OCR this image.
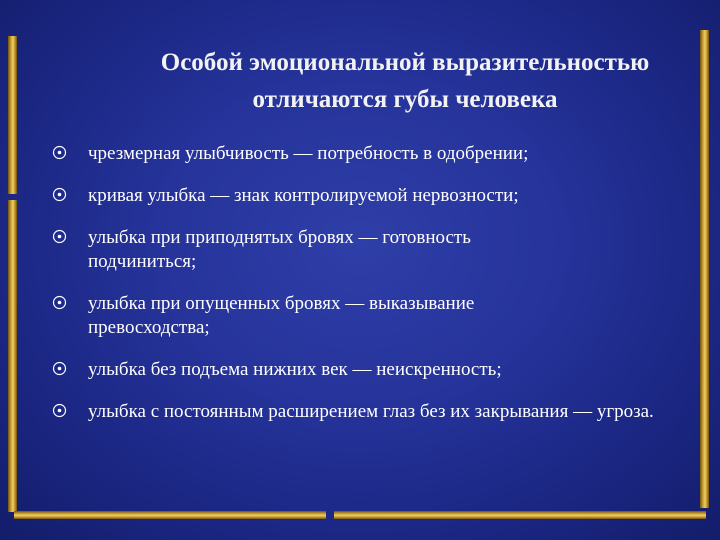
Особой эмоциональной выразительностью
отличаются губы человека
чрезмерная улыбчивость — потребность в одобрении;
кривая улыбка — знак контролируемой нервозности;
улыбка при приподнятых бровях — готовность подчиниться;
улыбка при опущенных бровях — выказывание превосходства;
улыбка без подъема нижних век — неискренность;
улыбка с постоянным расширением глаз без их закрывания — угроза.
